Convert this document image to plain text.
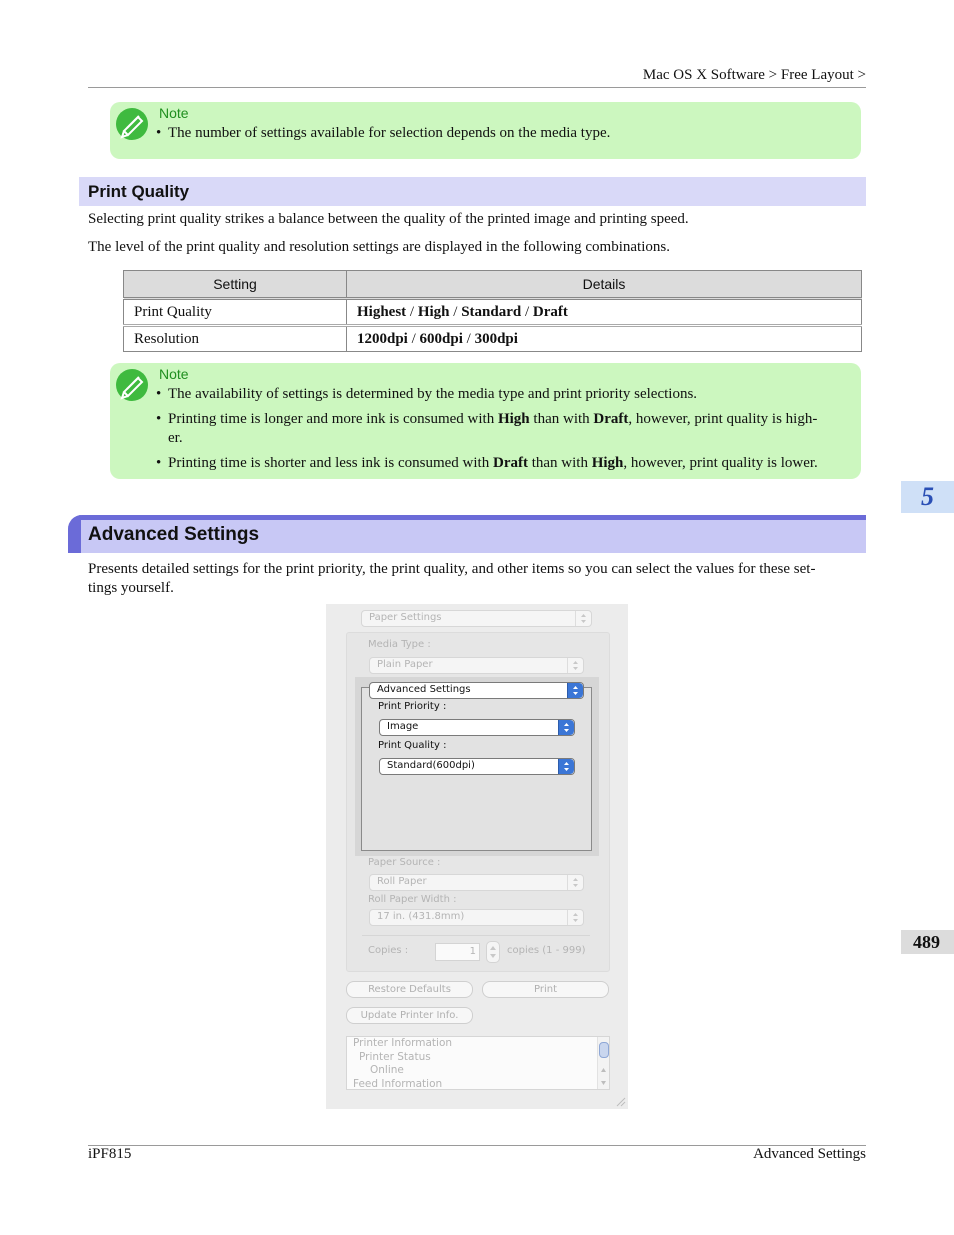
Mac OS X Software > Free Layout >
Note
• The number of settings available for selection depends on the media type.
Print Quality
Selecting print quality strikes a balance between the quality of the printed image and printing speed.
The level of the print quality and resolution settings are displayed in the following combinations.
Setting	Details
Print Quality	Highest / High / Standard / Draft
Resolution	1200dpi / 600dpi / 300dpi
Note
• The availability of settings is determined by the media type and print priority selections.
• Printing time is longer and more ink is consumed with High than with Draft, however, print quality is high-
er.
• Printing time is shorter and less ink is consumed with Draft than with High, however, print quality is lower.
5
489
Advanced Settings
Presents detailed settings for the print priority, the print quality, and other items so you can select the values for these set-
tings yourself.
Paper Settings
Media Type :
Plain Paper
Advanced Settings
Print Priority :
Image
Print Quality :
Standard(600dpi)
Paper Source :
Roll Paper
Roll Paper Width :
17 in. (431.8mm)
Copies :	1	copies (1 - 999)
Restore Defaults	Print
Update Printer Info.
Printer Information
Printer Status
Online
Feed Information
iPF815	Advanced Settings
